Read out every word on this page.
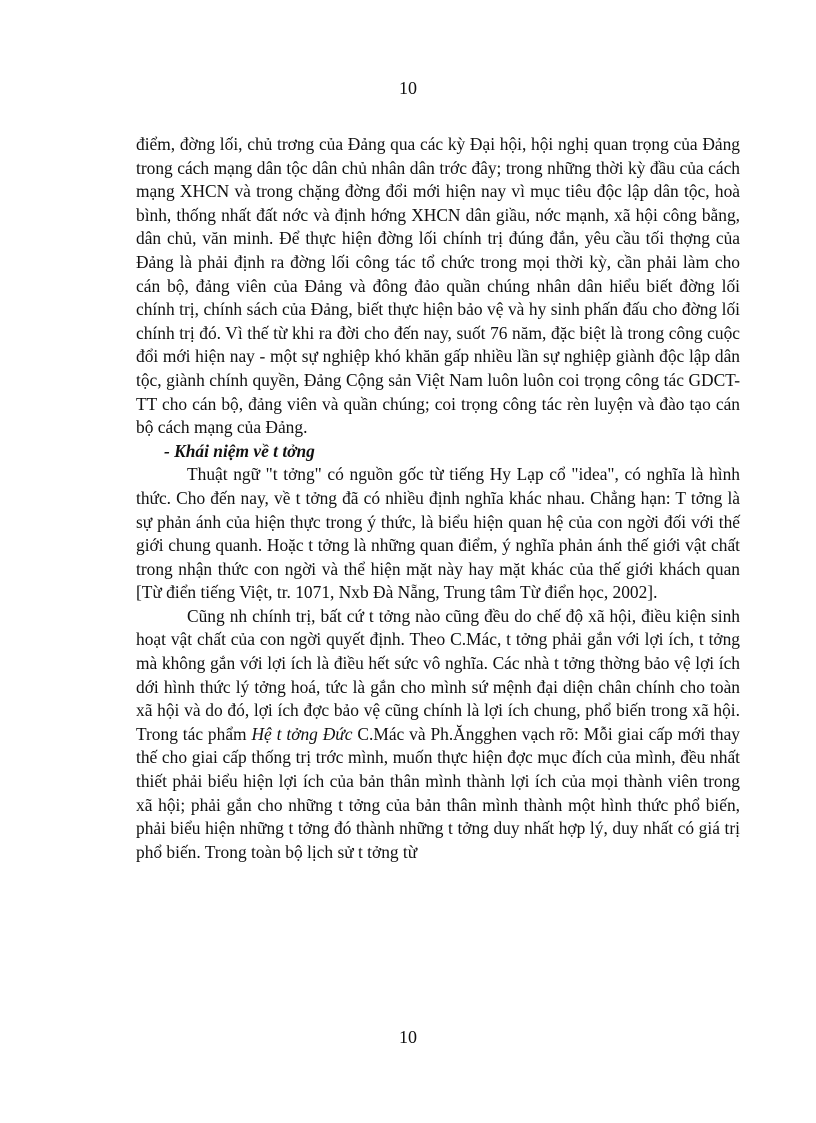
10

điểm, đờng lối, chủ trơng của Đảng qua các kỳ Đại hội, hội nghị quan trọng của Đảng trong cách mạng dân tộc dân chủ nhân dân trớc đây; trong những thời kỳ đầu của cách mạng XHCN và trong chặng đờng đổi mới hiện nay vì mục tiêu độc lập dân tộc, hoà bình, thống nhất đất nớc và định hớng XHCN dân giầu, nớc mạnh, xã hội công bằng, dân chủ, văn minh. Để thực hiện đờng lối chính trị đúng đắn, yêu cầu tối thợng của Đảng là phải định ra đờng lối công tác tổ chức trong mọi thời kỳ, cần phải làm cho cán bộ, đảng viên của Đảng và đông đảo quần chúng nhân dân hiểu biết đờng lối chính trị, chính sách của Đảng, biết thực hiện bảo vệ và hy sinh phấn đấu cho đờng lối chính trị đó. Vì thế từ khi ra đời cho đến nay, suốt 76 năm, đặc biệt là trong công cuộc đổi mới hiện nay - một sự nghiệp khó khăn gấp nhiều lần sự nghiệp giành độc lập dân tộc, giành chính quyền, Đảng Cộng sản Việt Nam luôn luôn coi trọng công tác GDCT-TT cho cán bộ, đảng viên và quần chúng; coi trọng công tác rèn luyện và đào tạo cán bộ cách mạng của Đảng.

- Khái niệm về t tởng

Thuật ngữ "t tởng" có nguồn gốc từ tiếng Hy Lạp cổ "idea", có nghĩa là hình thức. Cho đến nay, về t tởng đã có nhiều định nghĩa khác nhau. Chẳng hạn: T tởng là sự phản ánh của hiện thực trong ý thức, là biểu hiện quan hệ của con ngời đối với thế giới chung quanh. Hoặc t tởng là những quan điểm, ý nghĩa phản ánh thế giới vật chất trong nhận thức con ngời và thể hiện mặt này hay mặt khác của thế giới khách quan [Từ điển tiếng Việt, tr. 1071, Nxb Đà Nẵng, Trung tâm Từ điển học, 2002].

Cũng nh chính trị, bất cứ t tởng nào cũng đều do chế độ xã hội, điều kiện sinh hoạt vật chất của con ngời quyết định. Theo C.Mác, t tởng phải gắn với lợi ích, t tởng mà không gắn với lợi ích là điều hết sức vô nghĩa. Các nhà t tởng thờng bảo vệ lợi ích dới hình thức lý tởng hoá, tức là gắn cho mình sứ mệnh đại diện chân chính cho toàn xã hội và do đó, lợi ích đợc bảo vệ cũng chính là lợi ích chung, phổ biến trong xã hội. Trong tác phẩm Hệ t tởng Đức C.Mác và Ph.Ăngghen vạch rõ: Mỗi giai cấp mới thay thế cho giai cấp thống trị trớc mình, muốn thực hiện đợc mục đích của mình, đều nhất thiết phải biểu hiện lợi ích của bản thân mình thành lợi ích của mọi thành viên trong xã hội; phải gắn cho những t tởng của bản thân mình thành một hình thức phổ biến, phải biểu hiện những t tởng đó thành những t tởng duy nhất hợp lý, duy nhất có giá trị phổ biến. Trong toàn bộ lịch sử t tởng từ

10
